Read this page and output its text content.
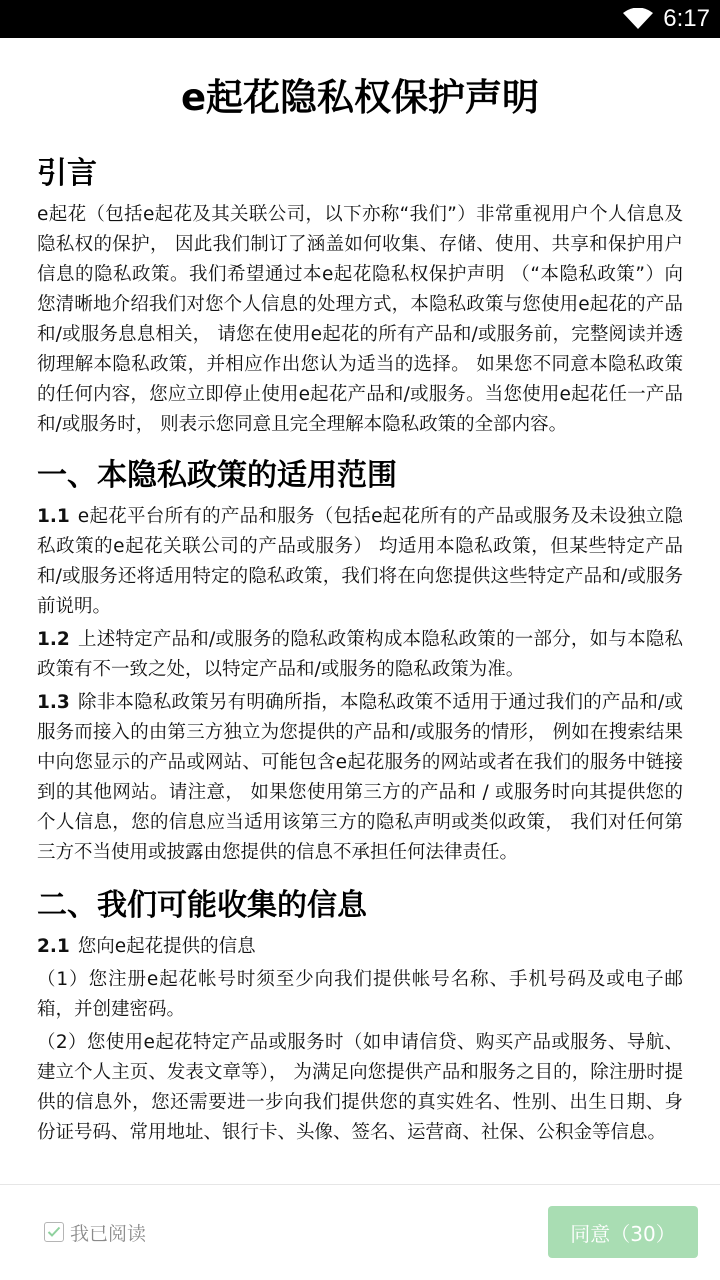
6:17
e起花隐私权保护声明
引言

e起花（包括e起花及其关联公司，以下亦称“我们”）非常重视用户个人信息及隐私权的保护， 因此我们制订了涵盖如何收集、存储、使用、共享和保护用户信息的隐私政策。我们希望通过本e起花隐私权保护声明 （“本隐私政策”）向您清晰地介绍我们对您个人信息的处理方式，本隐私政策与您使用e起花的产品和/或服务息息相关， 请您在使用e起花的所有产品和/或服务前，完整阅读并透彻理解本隐私政策，并相应作出您认为适当的选择。 如果您不同意本隐私政策的任何内容，您应立即停止使用e起花产品和/或服务。当您使用e起花任一产品和/或服务时， 则表示您同意且完全理解本隐私政策的全部内容。

一、本隐私政策的适用范围

1.1 e起花平台所有的产品和服务（包括e起花所有的产品或服务及未设独立隐私政策的e起花关联公司的产品或服务） 均适用本隐私政策，但某些特定产品和/或服务还将适用特定的隐私政策，我们将在向您提供这些特定产品和/或服务前说明。

1.2 上述特定产品和/或服务的隐私政策构成本隐私政策的一部分，如与本隐私政策有不一致之处，以特定产品和/或服务的隐私政策为准。

1.3 除非本隐私政策另有明确所指，本隐私政策不适用于通过我们的产品和/或服务而接入的由第三方独立为您提供的产品和/或服务的情形， 例如在搜索结果中向您显示的产品或网站、可能包含e起花服务的网站或者在我们的服务中链接到的其他网站。请注意， 如果您使用第三方的产品和 / 或服务时向其提供您的个人信息，您的信息应当适用该第三方的隐私声明或类似政策， 我们对任何第三方不当使用或披露由您提供的信息不承担任何法律责任。

二、我们可能收集的信息

2.1 您向e起花提供的信息

（1）您注册e起花帐号时须至少向我们提供帐号名称、手机号码及或电子邮箱，并创建密码。

（2）您使用e起花特定产品或服务时（如申请信贷、购买产品或服务、导航、建立个人主页、发表文章等）， 为满足向您提供产品和服务之目的，除注册时提供的信息外，您还需要进一步向我们提供您的真实姓名、性别、出生日期、身份证号码、常用地址、银行卡、头像、签名、运营商、社保、公积金等信息。

我已阅读	同意（30）
